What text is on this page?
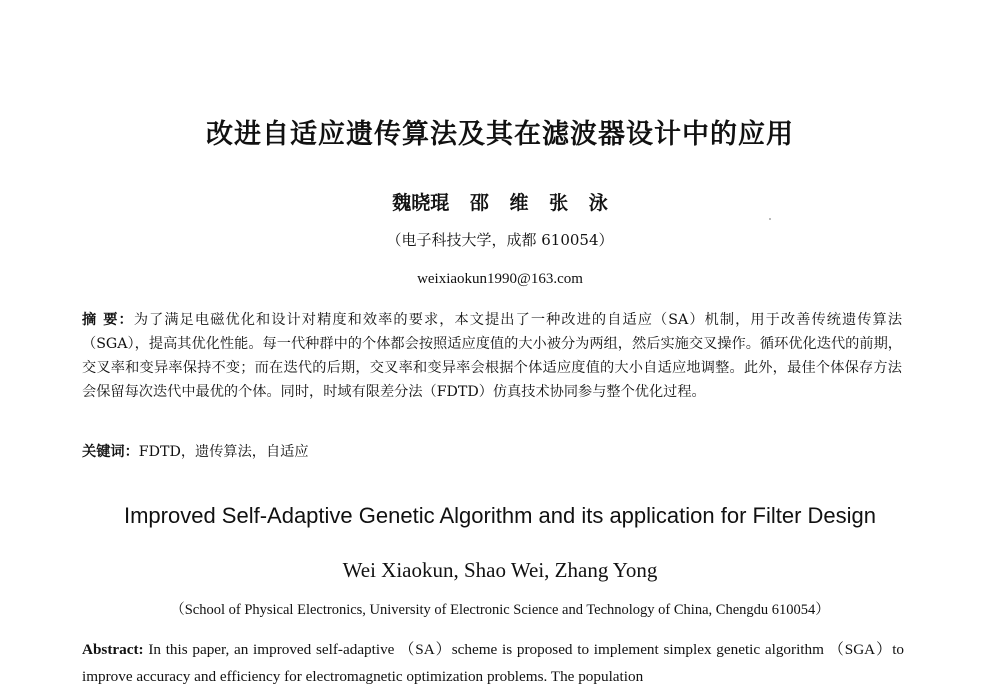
改进自适应遗传算法及其在滤波器设计中的应用
魏晓琨 邵 维 张 泳
（电子科技大学，成都 610054）
weixiaokun1990@163.com

摘 要：为了满足电磁优化和设计对精度和效率的要求，本文提出了一种改进的自适应（SA）机制，用于改善传统遗传算法（SGA），提高其优化性能。每一代种群中的个体都会按照适应度值的大小被分为两组，然后实施交叉操作。循环优化迭代的前期，交叉率和变异率保持不变；而在迭代的后期，交叉率和变异率会根据个体适应度值的大小自适应地调整。此外，最佳个体保存方法会保留每次迭代中最优的个体。同时，时域有限差分法（FDTD）仿真技术协同参与整个优化过程。

关键词：FDTD，遗传算法，自适应
Improved Self-Adaptive Genetic Algorithm and its application for Filter Design
Wei Xiaokun, Shao Wei, Zhang Yong
（School of Physical Electronics, University of Electronic Science and Technology of China, Chengdu 610054）

Abstract: In this paper, an improved self-adaptive （SA）scheme is proposed to implement simplex genetic algorithm （SGA）to improve accuracy and efficiency for electromagnetic optimization problems. The population
